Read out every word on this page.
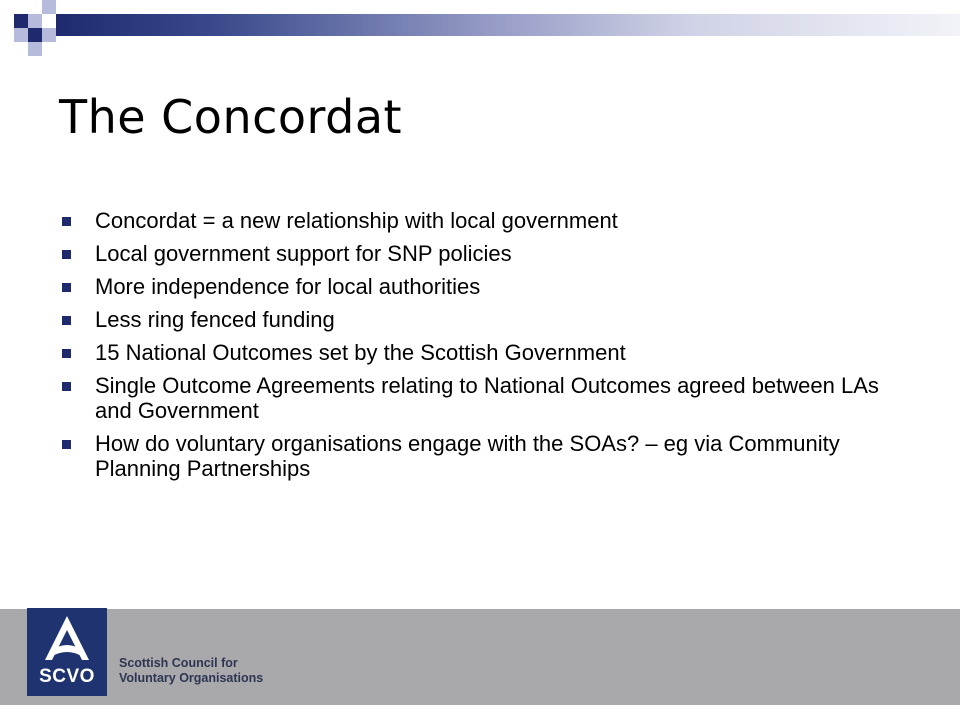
The Concordat
Concordat = a new relationship with local government
Local government support for SNP policies
More independence for local authorities
Less ring fenced funding
15 National Outcomes set by the Scottish Government
Single Outcome Agreements relating to National Outcomes agreed between LAs and Government
How do voluntary organisations engage with the SOAs? – eg via Community Planning Partnerships
SCVO
Scottish Council for
Voluntary Organisations
